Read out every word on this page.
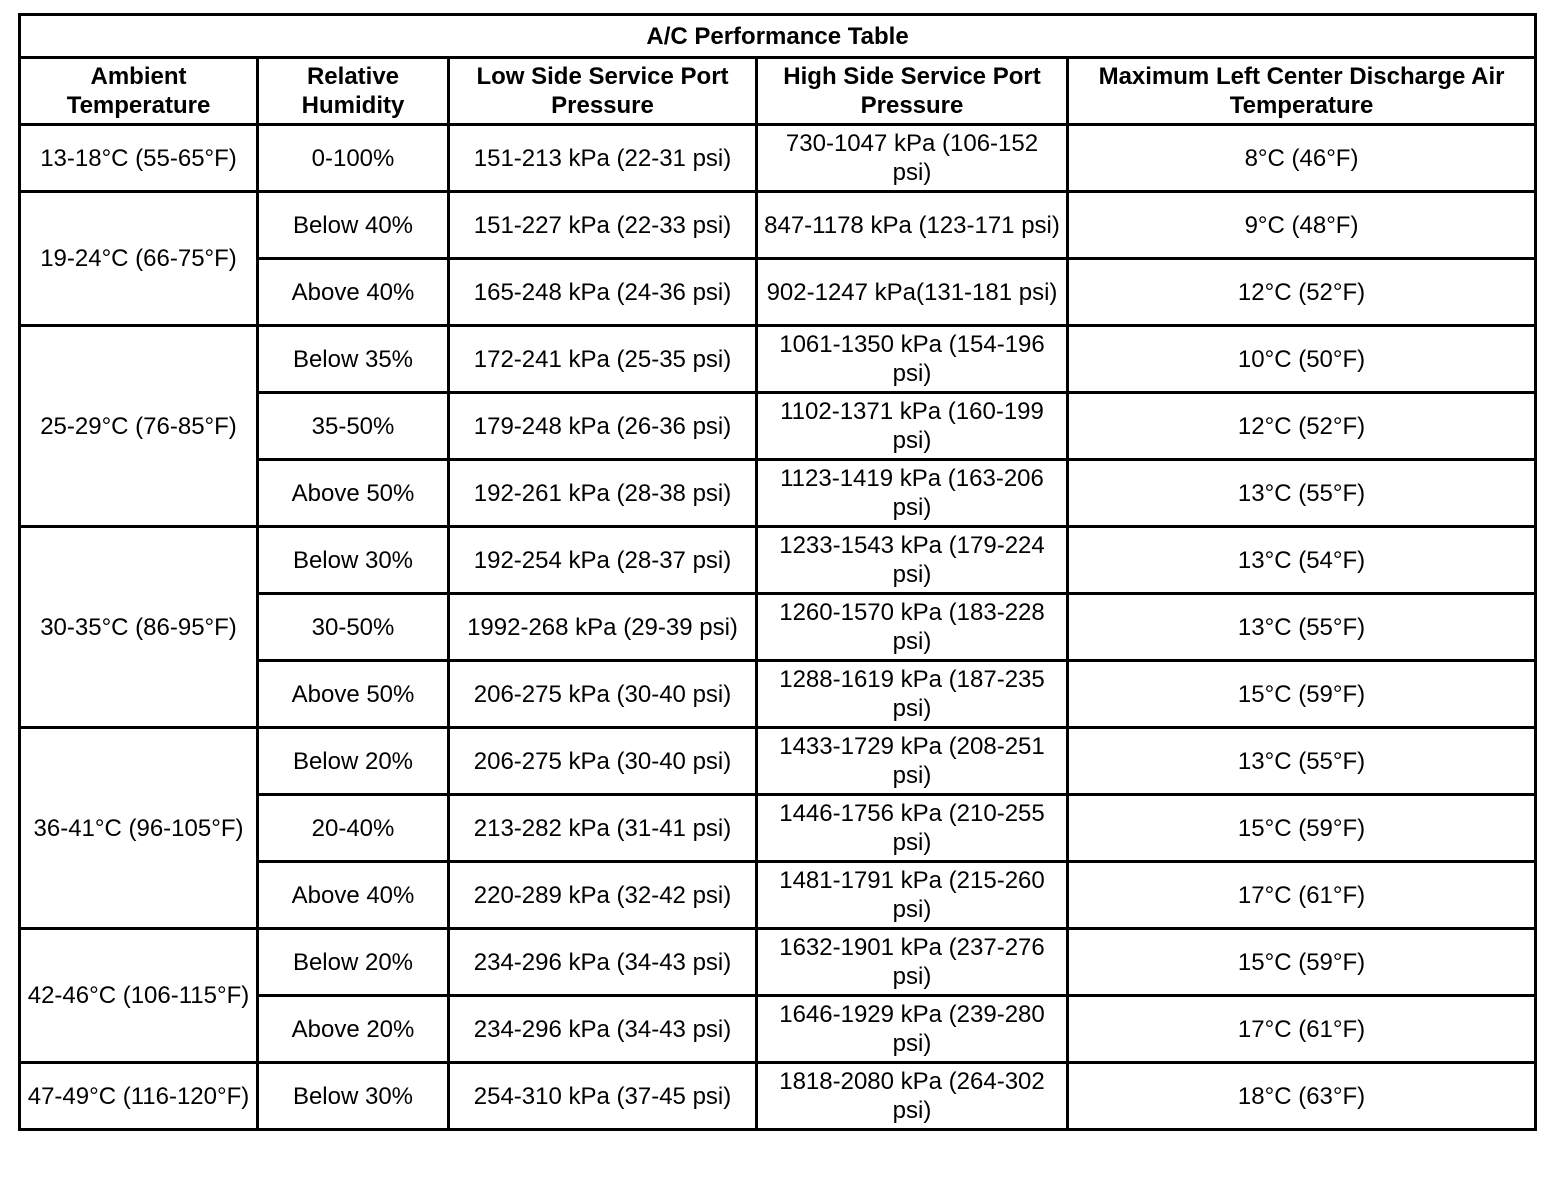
A/C Performance Table				
Ambient Temperature	Relative Humidity	Low Side Service Port Pressure	High Side Service Port Pressure	Maximum Left Center Discharge Air Temperature
13-18°C (55-65°F)	0-100%	151-213 kPa (22-31 psi)	730-1047 kPa (106-152 psi)	8°C (46°F)
19-24°C (66-75°F)	Below 40%	151-227 kPa (22-33 psi)	847-1178 kPa (123-171 psi)	9°C (48°F)
	Above 40%	165-248 kPa (24-36 psi)	902-1247 kPa(131-181 psi)	12°C (52°F)
25-29°C (76-85°F)	Below 35%	172-241 kPa (25-35 psi)	1061-1350 kPa (154-196 psi)	10°C (50°F)
	35-50%	179-248 kPa (26-36 psi)	1102-1371 kPa (160-199 psi)	12°C (52°F)
	Above 50%	192-261 kPa (28-38 psi)	1123-1419 kPa (163-206 psi)	13°C (55°F)
30-35°C (86-95°F)	Below 30%	192-254 kPa (28-37 psi)	1233-1543 kPa (179-224 psi)	13°C (54°F)
	30-50%	1992-268 kPa (29-39 psi)	1260-1570 kPa (183-228 psi)	13°C (55°F)
	Above 50%	206-275 kPa (30-40 psi)	1288-1619 kPa (187-235 psi)	15°C (59°F)
36-41°C (96-105°F)	Below 20%	206-275 kPa (30-40 psi)	1433-1729 kPa (208-251 psi)	13°C (55°F)
	20-40%	213-282 kPa (31-41 psi)	1446-1756 kPa (210-255 psi)	15°C (59°F)
	Above 40%	220-289 kPa (32-42 psi)	1481-1791 kPa (215-260 psi)	17°C (61°F)
42-46°C (106-115°F)	Below 20%	234-296 kPa (34-43 psi)	1632-1901 kPa (237-276 psi)	15°C (59°F)
	Above 20%	234-296 kPa (34-43 psi)	1646-1929 kPa (239-280 psi)	17°C (61°F)
47-49°C (116-120°F)	Below 30%	254-310 kPa (37-45 psi)	1818-2080 kPa (264-302 psi)	18°C (63°F)
